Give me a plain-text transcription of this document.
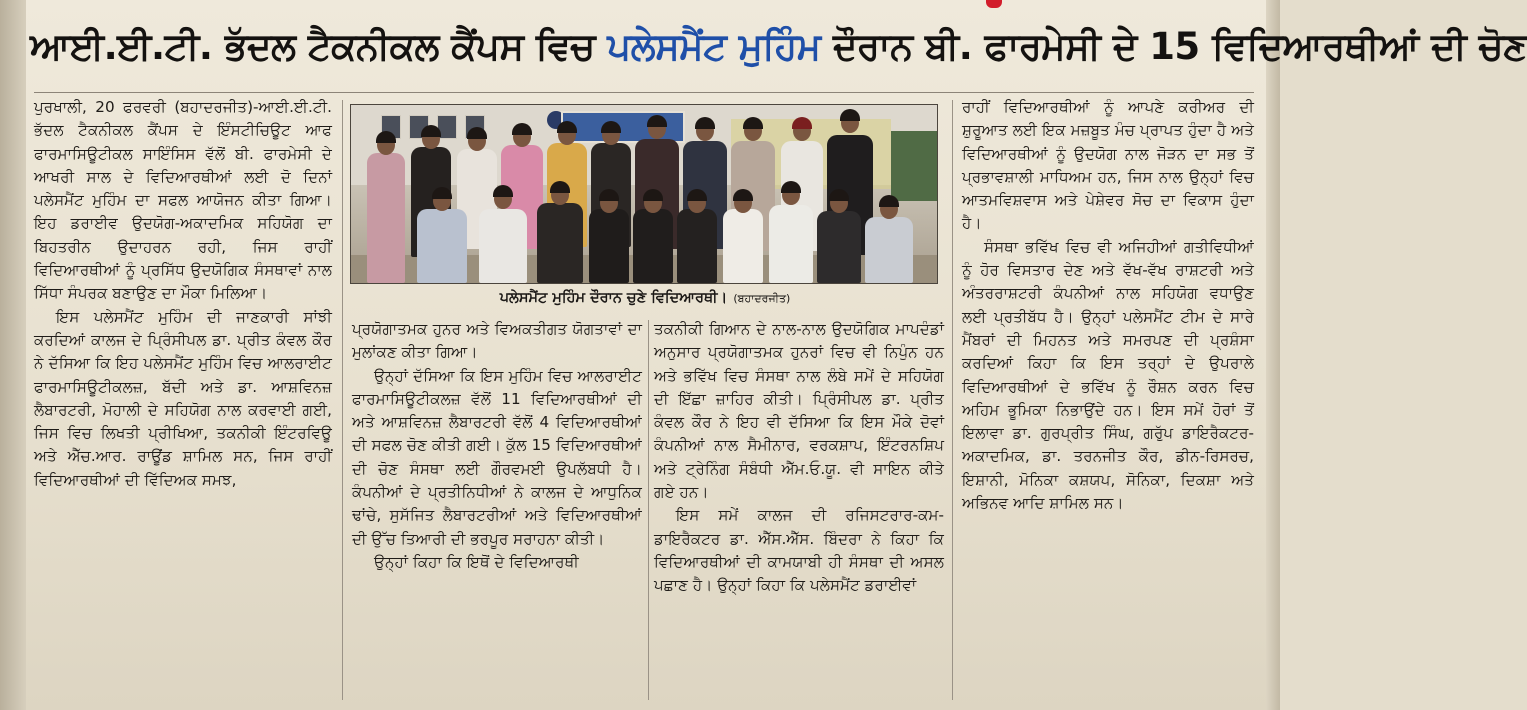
ਆਈ.ਈ.ਟੀ. ਭੱਦਲ ਟੈਕਨੀਕਲ ਕੈਂਪਸ ਵਿਚ ਪਲੇਸਮੈਂਟ ਮੁਹਿੰਮ ਦੌਰਾਨ ਬੀ. ਫਾਰਮੇਸੀ ਦੇ 15 ਵਿਦਿਆਰਥੀਆਂ ਦੀ ਚੋਣ

ਪੁਰਖਾਲੀ, 20 ਫਰਵਰੀ (ਬਹਾਦਰਜੀਤ)-ਆਈ.ਈ.ਟੀ. ਭੱਦਲ ਟੈਕਨੀਕਲ ਕੈਂਪਸ ਦੇ ਇੰਸਟੀਚਿਊਟ ਆਫ ਫਾਰਮਾਸਿਊਟੀਕਲ ਸਾਇੰਸਿਸ ਵੱਲੋਂ ਬੀ. ਫਾਰਮੇਸੀ ਦੇ ਆਖਰੀ ਸਾਲ ਦੇ ਵਿਦਿਆਰਥੀਆਂ ਲਈ ਦੋ ਦਿਨਾਂ ਪਲੇਸਮੈਂਟ ਮੁਹਿੰਮ ਦਾ ਸਫਲ ਆਯੋਜਨ ਕੀਤਾ ਗਿਆ। ਇਹ ਡਰਾਈਵ ਉਦਯੋਗ-ਅਕਾਦਮਿਕ ਸਹਿਯੋਗ ਦਾ ਬਿਹਤਰੀਨ ਉਦਾਹਰਨ ਰਹੀ, ਜਿਸ ਰਾਹੀਂ ਵਿਦਿਆਰਥੀਆਂ ਨੂੰ ਪ੍ਰਸਿੱਧ ਉਦਯੋਗਿਕ ਸੰਸਥਾਵਾਂ ਨਾਲ ਸਿੱਧਾ ਸੰਪਰਕ ਬਣਾਉਣ ਦਾ ਮੌਕਾ ਮਿਲਿਆ।

ਇਸ ਪਲੇਸਮੈਂਟ ਮੁਹਿੰਮ ਦੀ ਜਾਣਕਾਰੀ ਸਾਂਝੀ ਕਰਦਿਆਂ ਕਾਲਜ ਦੇ ਪ੍ਰਿੰਸੀਪਲ ਡਾ. ਪ੍ਰੀਤ ਕੰਵਲ ਕੌਰ ਨੇ ਦੱਸਿਆ ਕਿ ਇਹ ਪਲੇਸਮੈਂਟ ਮੁਹਿੰਮ ਵਿਚ ਆਲਰਾਈਟ ਫਾਰਮਾਸਿਊਟੀਕਲਜ਼, ਬੱਦੀ ਅਤੇ ਡਾ. ਆਸ਼ਵਿਨਜ਼ ਲੈਬਾਰਟਰੀ, ਮੋਹਾਲੀ ਦੇ ਸਹਿਯੋਗ ਨਾਲ ਕਰਵਾਈ ਗਈ, ਜਿਸ ਵਿਚ ਲਿਖਤੀ ਪ੍ਰੀਖਿਆ, ਤਕਨੀਕੀ ਇੰਟਰਵਿਊ ਅਤੇ ਐੱਚ.ਆਰ. ਰਾਊਂਡ ਸ਼ਾਮਿਲ ਸਨ, ਜਿਸ ਰਾਹੀਂ ਵਿਦਿਆਰਥੀਆਂ ਦੀ ਵਿੱਦਿਅਕ ਸਮਝ,

ਪਲੇਸਮੈਂਟ ਮੁਹਿੰਮ ਦੌਰਾਨ ਚੁਣੇ ਵਿਦਿਆਰਥੀ। (ਬਹਾਦਰਜੀਤ)

ਪ੍ਰਯੋਗਾਤਮਕ ਹੁਨਰ ਅਤੇ ਵਿਅਕਤੀਗਤ ਯੋਗਤਾਵਾਂ ਦਾ ਮੁਲਾਂਕਣ ਕੀਤਾ ਗਿਆ।

ਉਨ੍ਹਾਂ ਦੱਸਿਆ ਕਿ ਇਸ ਮੁਹਿੰਮ ਵਿਚ ਆਲਰਾਈਟ ਫਾਰਮਾਸਿਊਟੀਕਲਜ਼ ਵੱਲੋਂ 11 ਵਿਦਿਆਰਥੀਆਂ ਦੀ ਅਤੇ ਆਸ਼ਵਿਨਜ਼ ਲੈਬਾਰਟਰੀ ਵੱਲੋਂ 4 ਵਿਦਿਆਰਥੀਆਂ ਦੀ ਸਫਲ ਚੋਣ ਕੀਤੀ ਗਈ। ਕੁੱਲ 15 ਵਿਦਿਆਰਥੀਆਂ ਦੀ ਚੋਣ ਸੰਸਥਾ ਲਈ ਗੌਰਵਮਈ ਉਪਲੱਬਧੀ ਹੈ। ਕੰਪਨੀਆਂ ਦੇ ਪ੍ਰਤੀਨਿਧੀਆਂ ਨੇ ਕਾਲਜ ਦੇ ਆਧੁਨਿਕ ਢਾਂਚੇ, ਸੁਸੱਜਿਤ ਲੈਬਾਰਟਰੀਆਂ ਅਤੇ ਵਿਦਿਆਰਥੀਆਂ ਦੀ ਉੱਚ ਤਿਆਰੀ ਦੀ ਭਰਪੂਰ ਸਰਾਹਨਾ ਕੀਤੀ।

ਉਨ੍ਹਾਂ ਕਿਹਾ ਕਿ ਇਥੋਂ ਦੇ ਵਿਦਿਆਰਥੀ

ਤਕਨੀਕੀ ਗਿਆਨ ਦੇ ਨਾਲ-ਨਾਲ ਉਦਯੋਗਿਕ ਮਾਪਦੰਡਾਂ ਅਨੁਸਾਰ ਪ੍ਰਯੋਗਾਤਮਕ ਹੁਨਰਾਂ ਵਿਚ ਵੀ ਨਿਪੁੰਨ ਹਨ ਅਤੇ ਭਵਿੱਖ ਵਿਚ ਸੰਸਥਾ ਨਾਲ ਲੰਬੇ ਸਮੇਂ ਦੇ ਸਹਿਯੋਗ ਦੀ ਇੱਛਾ ਜ਼ਾਹਿਰ ਕੀਤੀ। ਪ੍ਰਿੰਸੀਪਲ ਡਾ. ਪ੍ਰੀਤ ਕੰਵਲ ਕੌਰ ਨੇ ਇਹ ਵੀ ਦੱਸਿਆ ਕਿ ਇਸ ਮੌਕੇ ਦੋਵਾਂ ਕੰਪਨੀਆਂ ਨਾਲ ਸੈਮੀਨਾਰ, ਵਰਕਸ਼ਾਪ, ਇੰਟਰਨਸ਼ਿਪ ਅਤੇ ਟ੍ਰੇਨਿੰਗ ਸੰਬੰਧੀ ਐੱਮ.ਓ.ਯੂ. ਵੀ ਸਾਇਨ ਕੀਤੇ ਗਏ ਹਨ।

ਇਸ ਸਮੇਂ ਕਾਲਜ ਦੀ ਰਜਿਸਟਰਾਰ-ਕਮ-ਡਾਇਰੈਕਟਰ ਡਾ. ਐੱਸ.ਐੱਸ. ਬਿੰਦਰਾ ਨੇ ਕਿਹਾ ਕਿ ਵਿਦਿਆਰਥੀਆਂ ਦੀ ਕਾਮਯਾਬੀ ਹੀ ਸੰਸਥਾ ਦੀ ਅਸਲ ਪਛਾਣ ਹੈ। ਉਨ੍ਹਾਂ ਕਿਹਾ ਕਿ ਪਲੇਸਮੈਂਟ ਡਰਾਈਵਾਂ

ਰਾਹੀਂ ਵਿਦਿਆਰਥੀਆਂ ਨੂੰ ਆਪਣੇ ਕਰੀਅਰ ਦੀ ਸ਼ੁਰੂਆਤ ਲਈ ਇਕ ਮਜ਼ਬੂਤ ਮੰਚ ਪ੍ਰਾਪਤ ਹੁੰਦਾ ਹੈ ਅਤੇ ਵਿਦਿਆਰਥੀਆਂ ਨੂੰ ਉਦਯੋਗ ਨਾਲ ਜੋੜਨ ਦਾ ਸਭ ਤੋਂ ਪ੍ਰਭਾਵਸ਼ਾਲੀ ਮਾਧਿਅਮ ਹਨ, ਜਿਸ ਨਾਲ ਉਨ੍ਹਾਂ ਵਿਚ ਆਤਮਵਿਸ਼ਵਾਸ ਅਤੇ ਪੇਸ਼ੇਵਰ ਸੋਚ ਦਾ ਵਿਕਾਸ ਹੁੰਦਾ ਹੈ।

ਸੰਸਥਾ ਭਵਿੱਖ ਵਿਚ ਵੀ ਅਜਿਹੀਆਂ ਗਤੀਵਿਧੀਆਂ ਨੂੰ ਹੋਰ ਵਿਸਤਾਰ ਦੇਣ ਅਤੇ ਵੱਖ-ਵੱਖ ਰਾਸ਼ਟਰੀ ਅਤੇ ਅੰਤਰਰਾਸ਼ਟਰੀ ਕੰਪਨੀਆਂ ਨਾਲ ਸਹਿਯੋਗ ਵਧਾਉਣ ਲਈ ਪ੍ਰਤੀਬੱਧ ਹੈ। ਉਨ੍ਹਾਂ ਪਲੇਸਮੈਂਟ ਟੀਮ ਦੇ ਸਾਰੇ ਮੈਂਬਰਾਂ ਦੀ ਮਿਹਨਤ ਅਤੇ ਸਮਰਪਣ ਦੀ ਪ੍ਰਸ਼ੰਸਾ ਕਰਦਿਆਂ ਕਿਹਾ ਕਿ ਇਸ ਤਰ੍ਹਾਂ ਦੇ ਉਪਰਾਲੇ ਵਿਦਿਆਰਥੀਆਂ ਦੇ ਭਵਿੱਖ ਨੂੰ ਰੌਸ਼ਨ ਕਰਨ ਵਿਚ ਅਹਿਮ ਭੂਮਿਕਾ ਨਿਭਾਉਂਦੇ ਹਨ। ਇਸ ਸਮੇਂ ਹੋਰਾਂ ਤੋਂ ਇਲਾਵਾ ਡਾ. ਗੁਰਪ੍ਰੀਤ ਸਿੰਘ, ਗਰੁੱਪ ਡਾਇਰੈਕਟਰ-ਅਕਾਦਮਿਕ, ਡਾ. ਤਰਨਜੀਤ ਕੌਰ, ਡੀਨ-ਰਿਸਰਚ, ਇਸ਼ਾਨੀ, ਮੋਨਿਕਾ ਕਸ਼ਯਪ, ਸੋਨਿਕਾ, ਦਿਕਸ਼ਾ ਅਤੇ ਅਭਿਨਵ ਆਦਿ ਸ਼ਾਮਿਲ ਸਨ।
